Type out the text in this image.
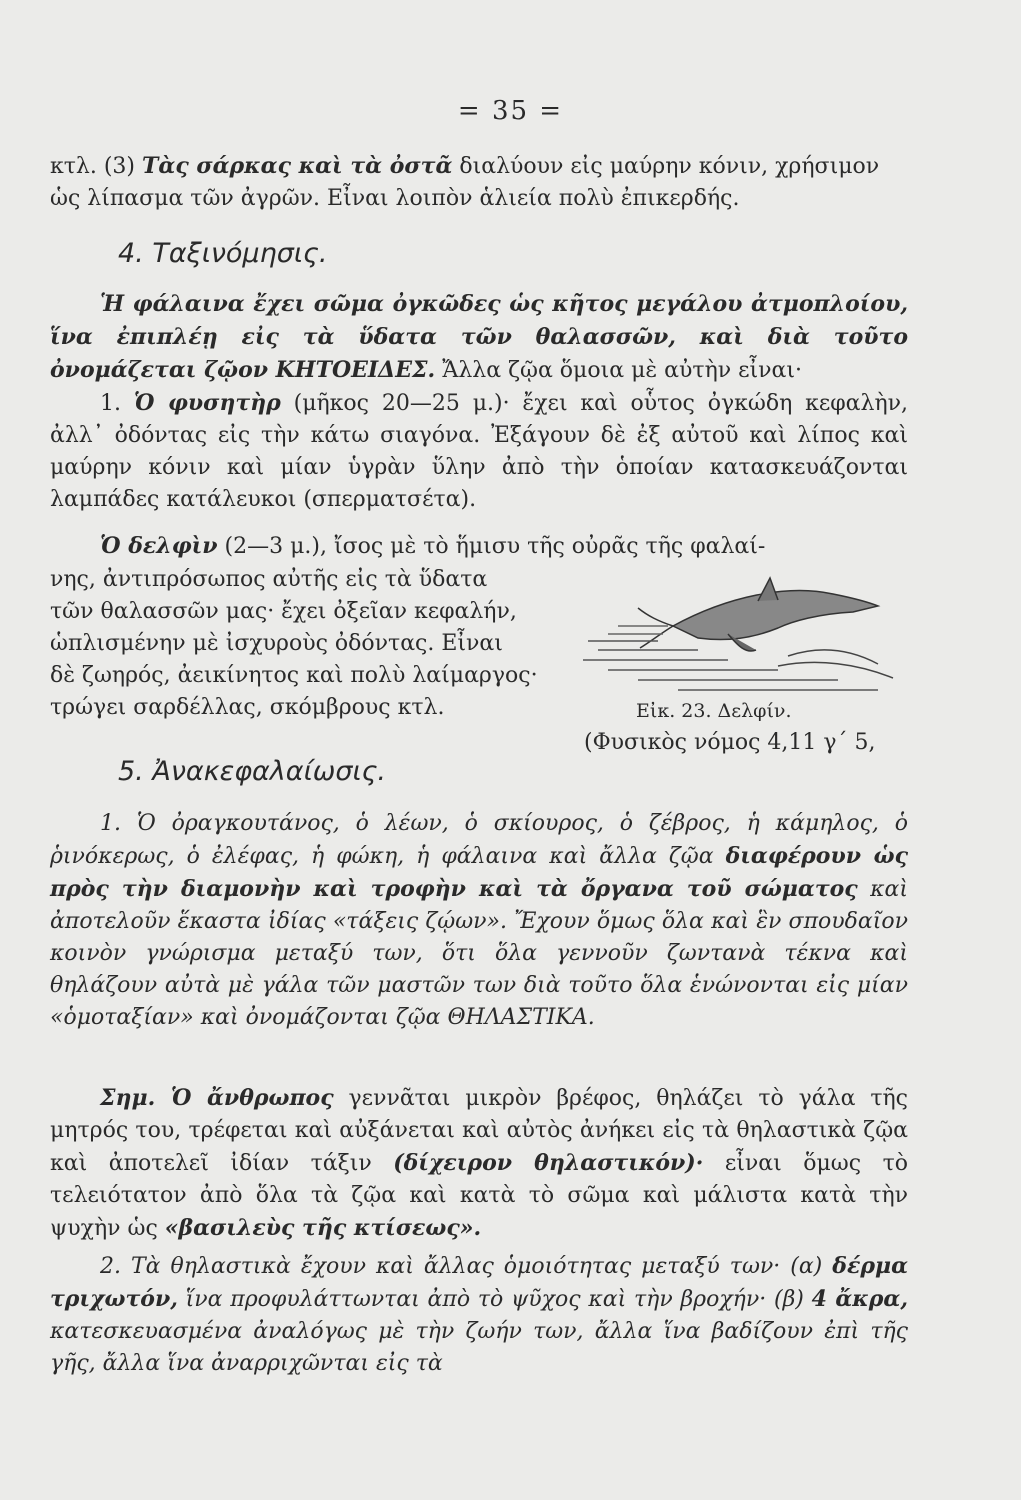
= 35 =

κτλ. (3) Τὰς σάρκας καὶ τὰ ὀστᾶ διαλύουν εἰς μαύρην κόνιν, χρήσιμον

ὡς λίπασμα τῶν ἀγρῶν. Εἶναι λοιπὸν ἁλιεία πολὺ ἐπικερδής.

4. Ταξινόμησις.

Ἡ φάλαινα ἔχει σῶμα ὀγκῶδες ὡς κῆτος μεγάλου ἀτμοπλοίου, ἵνα ἐπιπλέῃ εἰς τὰ ὕδατα τῶν θαλασσῶν, καὶ διὰ τοῦτο ὀνομάζεται ζῷον ΚΗΤΟΕΙΔΕΣ. Ἄλλα ζῷα ὅμοια μὲ αὐτὴν εἶναι·

1. Ὁ φυσητὴρ (μῆκος 20—25 μ.)· ἔχει καὶ οὗτος ὀγκώδη κεφαλὴν, ἀλλ᾽ ὀδόντας εἰς τὴν κάτω σιαγόνα. Ἐξάγουν δὲ ἐξ αὐτοῦ καὶ λίπος καὶ μαύρην κόνιν καὶ μίαν ὑγρὰν ὕλην ἀπὸ τὴν ὁποίαν κατασκευάζονται λαμπάδες κατάλευκοι (σπερματσέτα).

Ὁ δελφὶν (2—3 μ.), ἴσος μὲ τὸ ἥμισυ τῆς οὐρᾶς τῆς φαλαί-

νης, ἀντιπρόσωπος αὐτῆς εἰς τὰ ὕδατα

τῶν θαλασσῶν μας· ἔχει ὀξεῖαν κεφαλήν,

ὡπλισμένην μὲ ἰσχυροὺς ὀδόντας. Εἶναι

δὲ ζωηρός, ἀεικίνητος καὶ πολὺ λαίμαργος·

τρώγει σαρδέλλας, σκόμβρους κτλ.	Εἰκ. 23. Δελφίν.
(Φυσικὸς νόμος 4,11 γ´ 5,
5. Ἀνακεφαλαίωσις.

1. Ὁ ὀραγκουτάνος, ὁ λέων, ὁ σκίουρος, ὁ ζέβρος, ἡ κάμηλος, ὁ ῥινόκερως, ὁ ἐλέφας, ἡ φώκη, ἡ φάλαινα καὶ ἄλλα ζῷα διαφέρουν ὡς πρὸς τὴν διαμονὴν καὶ τροφὴν καὶ τὰ ὄργανα τοῦ σώματος καὶ ἀποτελοῦν ἕκαστα ἰδίας «τάξεις ζῴων». Ἔχουν ὅμως ὅλα καὶ ἓν σπουδαῖον κοινὸν γνώρισμα μεταξύ των, ὅτι ὅλα γεννοῦν ζωντανὰ τέκνα καὶ θηλάζουν αὐτὰ μὲ γάλα τῶν μαστῶν των διὰ τοῦτο ὅλα ἑνώνονται εἰς μίαν «ὁμοταξίαν» καὶ ὀνομάζονται ζῷα ΘΗΛΑΣΤΙΚΑ.

Σημ. Ὁ ἄνθρωπος γεννᾶται μικρὸν βρέφος, θηλάζει τὸ γάλα τῆς μητρός του, τρέφεται καὶ αὐξάνεται καὶ αὐτὸς ἀνήκει εἰς τὰ θηλαστικὰ ζῷα καὶ ἀποτελεῖ ἰδίαν τάξιν (δίχειρον θηλαστικόν)· εἶναι ὅμως τὸ τελειότατον ἀπὸ ὅλα τὰ ζῷα καὶ κατὰ τὸ σῶμα καὶ μάλιστα κατὰ τὴν ψυχὴν ὡς «βασιλεὺς τῆς κτίσεως».

2. Τὰ θηλαστικὰ ἔχουν καὶ ἄλλας ὁμοιότητας μεταξύ των· (α) δέρμα τριχωτόν, ἵνα προφυλάττωνται ἀπὸ τὸ ψῦχος καὶ τὴν βροχήν· (β) 4 ἄκρα, κατεσκευασμένα ἀναλόγως μὲ τὴν ζωήν των, ἄλλα ἵνα βαδίζουν ἐπὶ τῆς γῆς, ἄλλα ἵνα ἀναρριχῶνται εἰς τὰ
